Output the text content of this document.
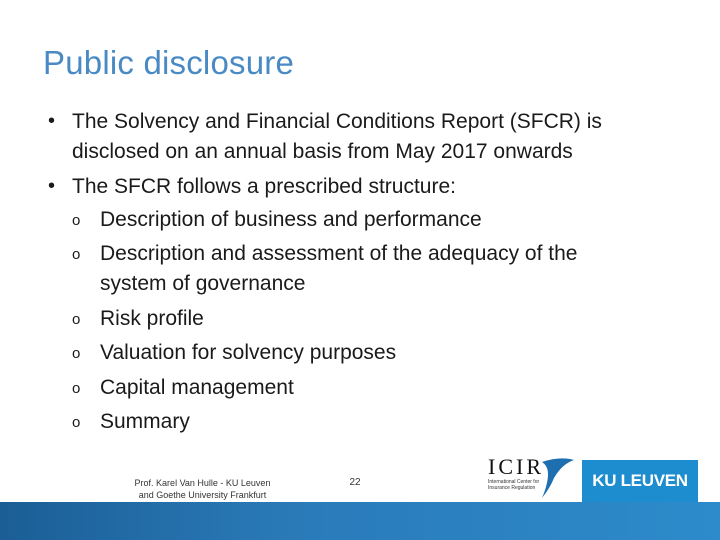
Public disclosure
• The Solvency and Financial Conditions Report (SFCR) is
disclosed on an annual basis from May 2017 onwards
• The SFCR follows a prescribed structure:
o Description of business and performance
o Description and assessment of the adequacy of the
system of governance
o Risk profile
o Valuation for solvency purposes
o Capital management
o Summary
Prof. Karel Van Hulle - KU Leuven
and Goethe University Frankfurt
22
ICIR
International Center for Insurance Regulation	KU LEUVEN
